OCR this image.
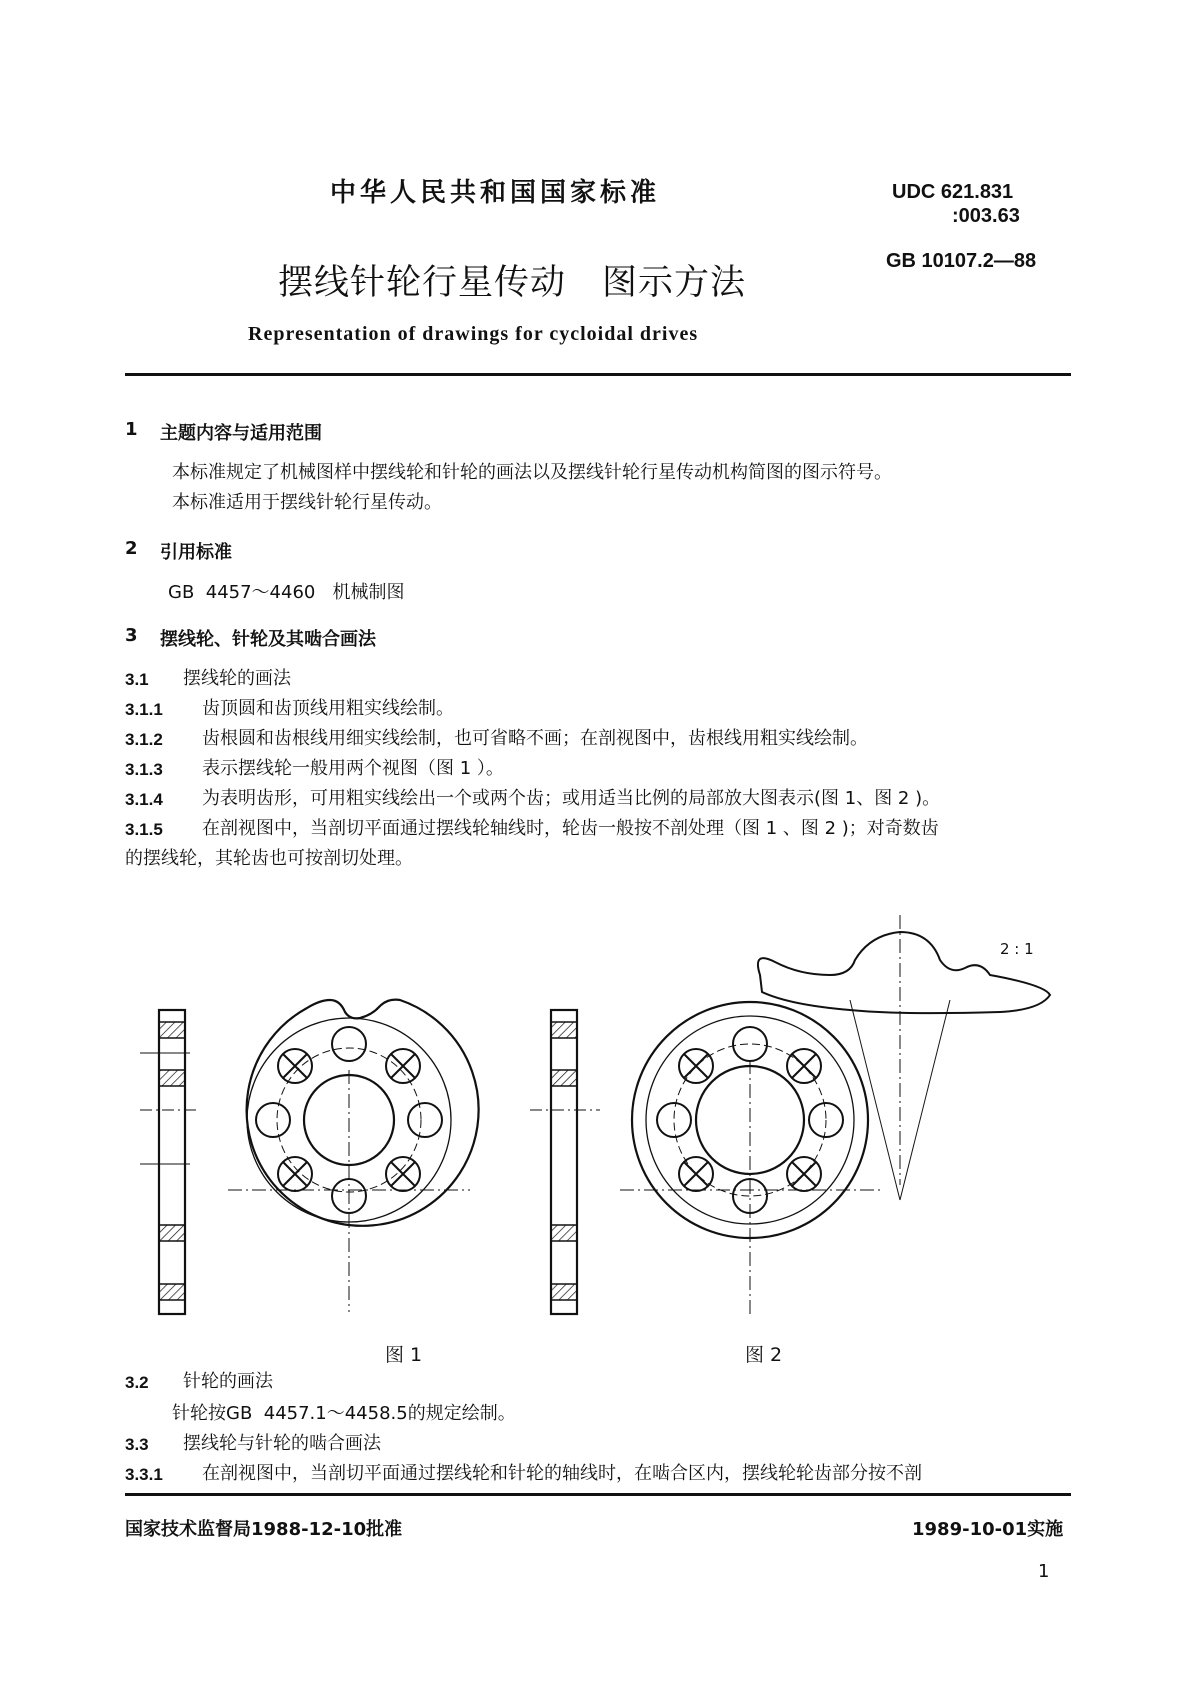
中华人民共和国国家标准	UDC 621.831
:003.63
GB 10107.2—88
摆线针轮行星传动　图示方法
Representation of drawings for cycloidal drives
1 主题内容与适用范围
本标准规定了机械图样中摆线轮和针轮的画法以及摆线针轮行星传动机构简图的图示符号。
本标准适用于摆线针轮行星传动。
2 引用标准
GB  4457～4460   机械制图
3 摆线轮、针轮及其啮合画法
3.1 摆线轮的画法
3.1.1 齿顶圆和齿顶线用粗实线绘制。
3.1.2 齿根圆和齿根线用细实线绘制，也可省略不画；在剖视图中，齿根线用粗实线绘制。
3.1.3 表示摆线轮一般用两个视图（图 1 ）。
3.1.4 为表明齿形，可用粗实线绘出一个或两个齿；或用适当比例的局部放大图表示(图 1、图 2 )。
3.1.5 在剖视图中，当剖切平面通过摆线轮轴线时，轮齿一般按不剖处理（图 1 、图 2 )；对奇数齿
的摆线轮，其轮齿也可按剖切处理。
2 : 1
图 1	图 2
3.2 针轮的画法
针轮按GB  4457.1～4458.5的规定绘制。
3.3 摆线轮与针轮的啮合画法
3.3.1 在剖视图中，当剖切平面通过摆线轮和针轮的轴线时，在啮合区内，摆线轮轮齿部分按不剖
国家技术监督局1988-12-10批准	1989-10-01实施
1
